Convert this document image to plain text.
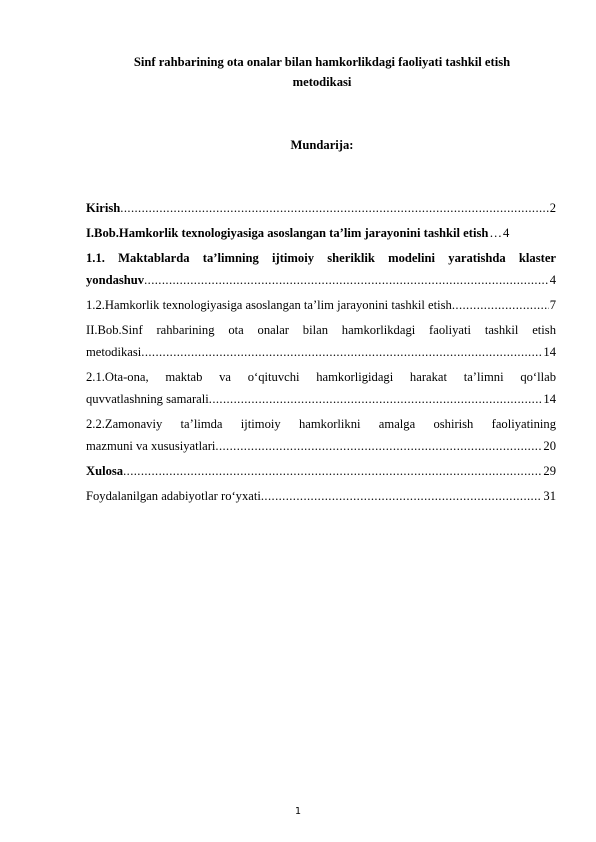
Sinf rahbarining ota onalar bilan hamkorlikdagi faoliyati tashkil etish
metodikasi
Mundarija:
Kirish .....	2
I.Bob.Hamkorlik texnologiyasiga asoslangan ta’lim jarayonini tashkil etish … 4
1.1. Maktablarda ta’limning ijtimoiy sheriklik modelini yaratishda klaster
yondashuv .....	4
1.2.Hamkorlik texnologiyasiga asoslangan ta’lim jarayonini tashkil etish .....	7
II.Bob.Sinf rahbarining ota onalar bilan hamkorlikdagi faoliyati tashkil etish
metodikasi .....	14
2.1.Ota-ona, maktab va o‘qituvchi hamkorligidagi harakat ta’limni qo‘llab
quvvatlashning samarali .....	14
2.2.Zamonaviy ta’limda ijtimoiy hamkorlikni amalga oshirish faoliyatining
mazmuni va xususiyatlari .....	20
Xulosa .....	29
Foydalanilgan adabiyotlar ro‘yxati .....	31
1
